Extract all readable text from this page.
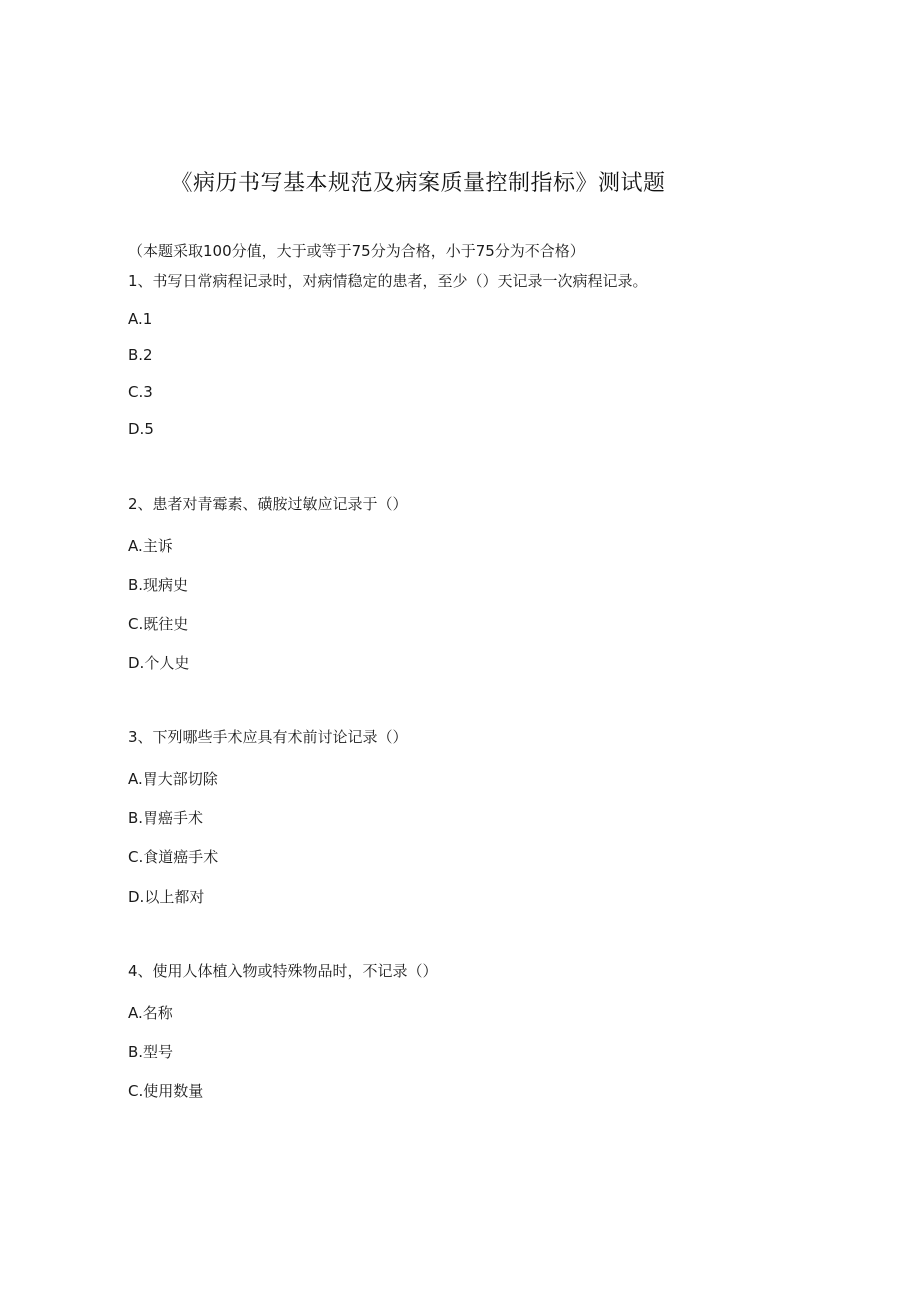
《病历书写基本规范及病案质量控制指标》测试题
（本题采取100分值，大于或等于75分为合格，小于75分为不合格）
1、书写日常病程记录时，对病情稳定的患者，至少（）天记录一次病程记录。
A.1
B.2
C.3
D.5
2、患者对青霉素、磺胺过敏应记录于（）
A.主诉
B.现病史
C.既往史
D.个人史
3、下列哪些手术应具有术前讨论记录（）
A.胃大部切除
B.胃癌手术
C.食道癌手术
D.以上都对
4、使用人体植入物或特殊物品时，不记录（）
A.名称
B.型号
C.使用数量
